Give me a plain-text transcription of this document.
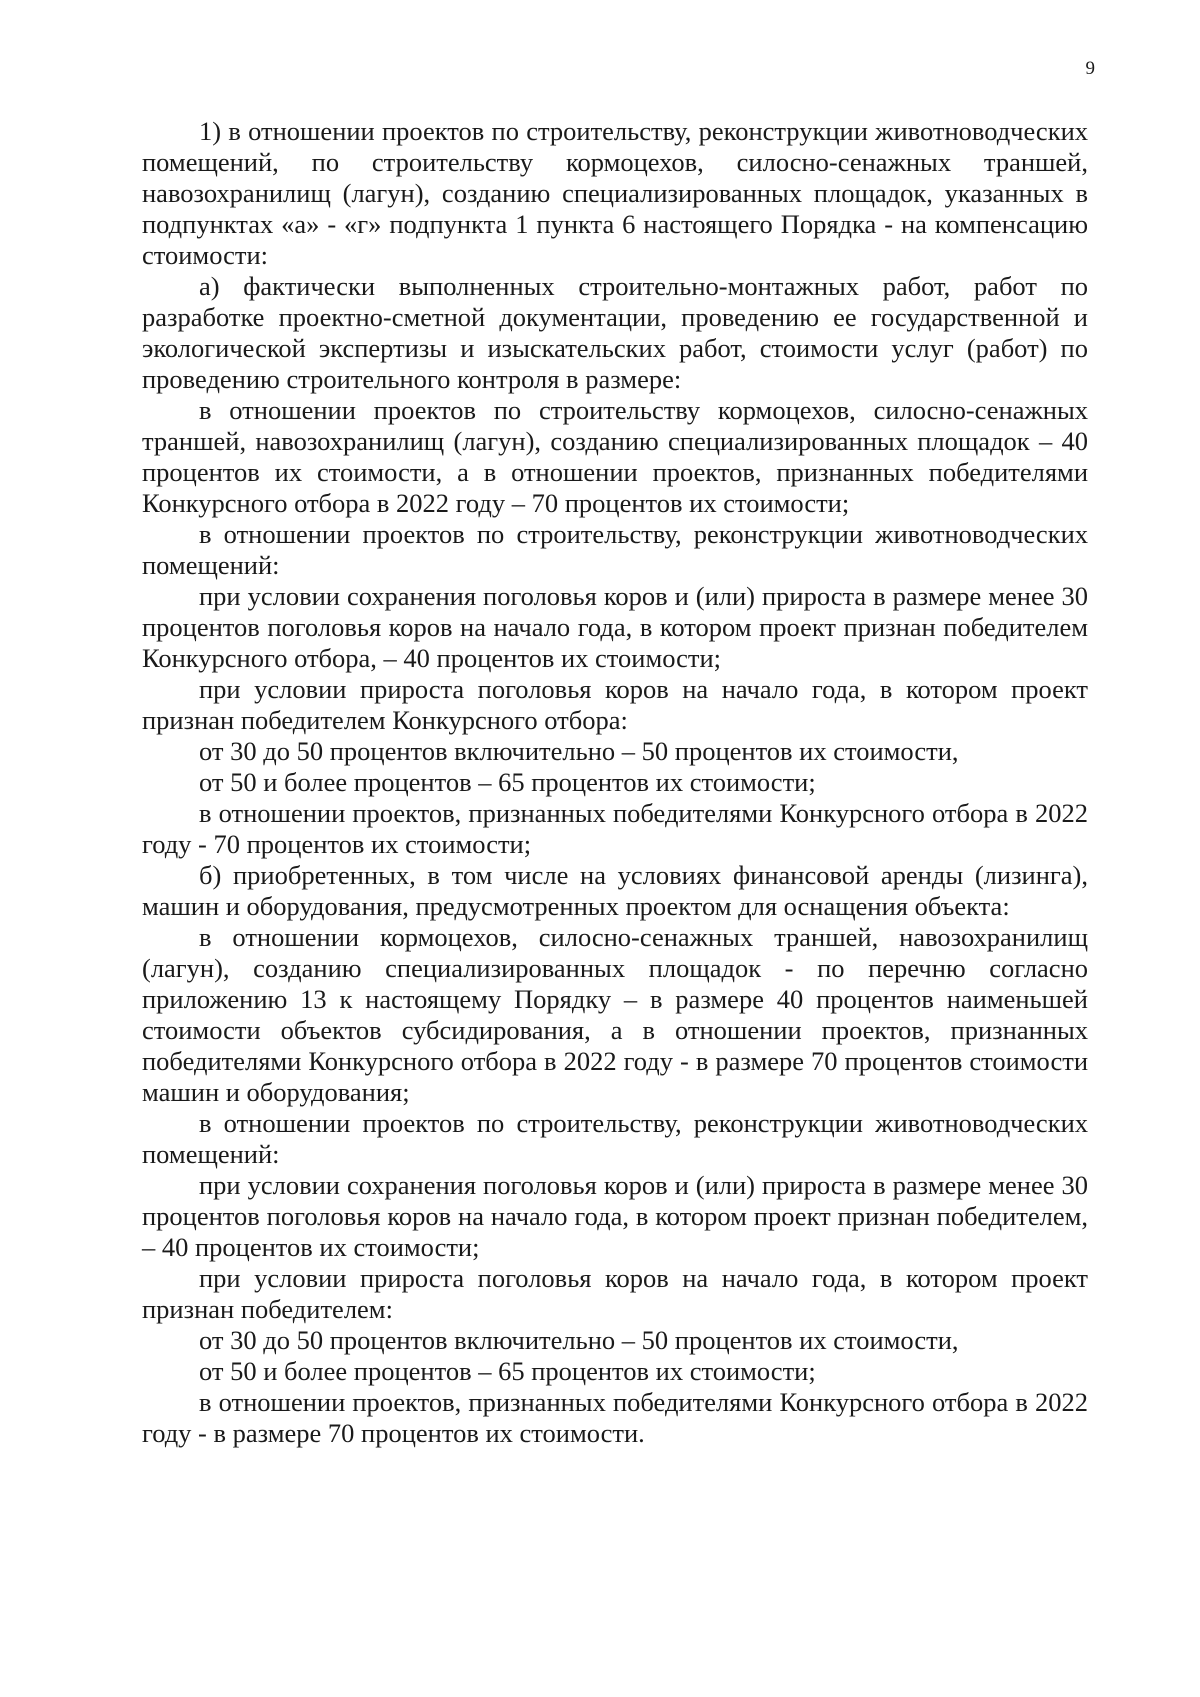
9

1) в отношении проектов по строительству, реконструкции животноводческих помещений, по строительству кормоцехов, силосно-сенажных траншей, навозохранилищ (лагун), созданию специализированных площадок, указанных в подпунктах «а» - «г» подпункта 1 пункта 6 настоящего Порядка - на компенсацию стоимости:

а) фактически выполненных строительно-монтажных работ, работ по разработке проектно-сметной документации, проведению ее государственной и экологической экспертизы и изыскательских работ, стоимости услуг (работ) по проведению строительного контроля в размере:

в отношении проектов по строительству кормоцехов, силосно-сенажных траншей, навозохранилищ (лагун), созданию специализированных площадок – 40 процентов их стоимости, а в отношении проектов, признанных победителями Конкурсного отбора в 2022 году – 70 процентов их стоимости;

в отношении проектов по строительству, реконструкции животноводческих помещений:

при условии сохранения поголовья коров и (или) прироста в размере менее 30 процентов поголовья коров на начало года, в котором проект признан победителем Конкурсного отбора, – 40 процентов их стоимости;

при условии прироста поголовья коров на начало года, в котором проект признан победителем Конкурсного отбора:

от 30 до 50 процентов включительно – 50 процентов их стоимости,

от 50 и более процентов – 65 процентов их стоимости;

в отношении проектов, признанных победителями Конкурсного отбора в 2022 году - 70 процентов их стоимости;

б) приобретенных, в том числе на условиях финансовой аренды (лизинга), машин и оборудования, предусмотренных проектом для оснащения объекта:

в отношении кормоцехов, силосно-сенажных траншей, навозохранилищ (лагун), созданию специализированных площадок - по перечню согласно приложению 13 к настоящему Порядку – в размере 40 процентов наименьшей стоимости объектов субсидирования, а в отношении проектов, признанных победителями Конкурсного отбора в 2022 году - в размере 70 процентов стоимости машин и оборудования;

в отношении проектов по строительству, реконструкции животноводческих помещений:

при условии сохранения поголовья коров и (или) прироста в размере менее 30 процентов поголовья коров на начало года, в котором проект признан победителем, – 40 процентов их стоимости;

при условии прироста поголовья коров на начало года, в котором проект признан победителем:

от 30 до 50 процентов включительно – 50 процентов их стоимости,

от 50 и более процентов – 65 процентов их стоимости;

в отношении проектов, признанных победителями Конкурсного отбора в 2022 году - в размере 70 процентов их стоимости.
